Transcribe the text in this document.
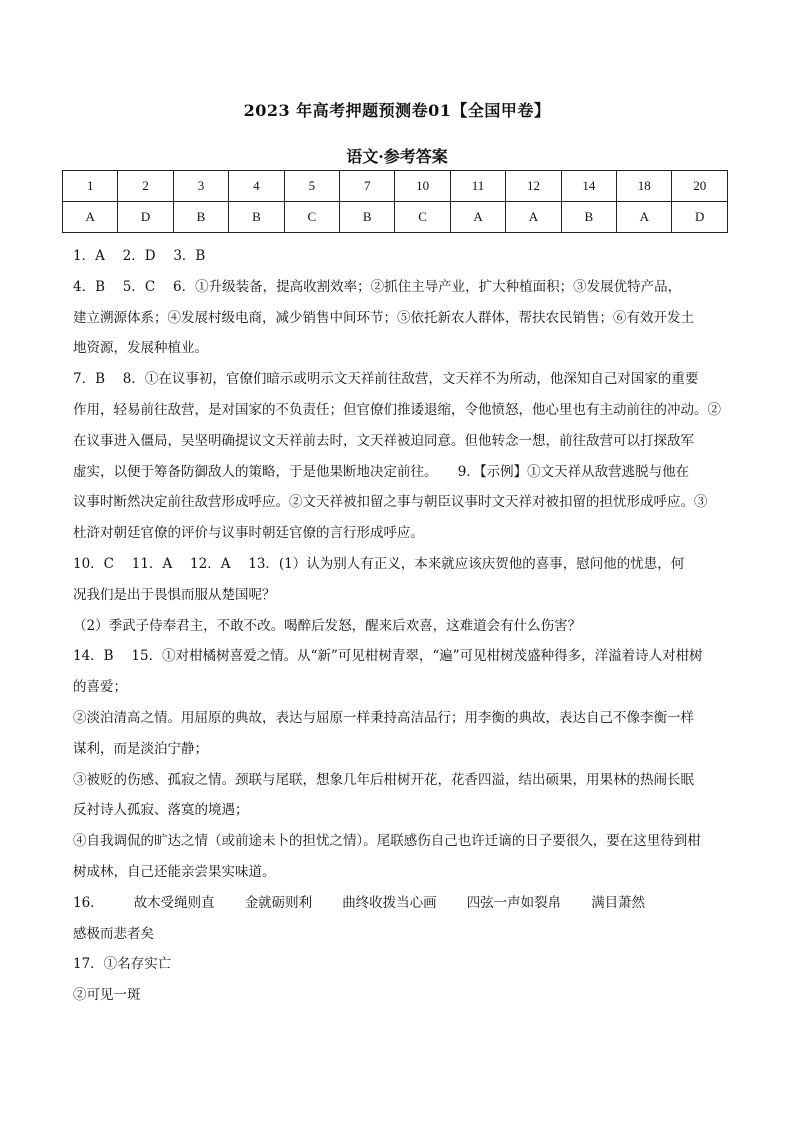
2023 年高考押题预测卷01【全国甲卷】
语文·参考答案
1	2	3	4	5	7	10	11	12	14	18	20
A	D	B	B	C	B	C	A	A	B	A	D

1．A　 2．D　 3．B

4．B　 5．C　 6．①升级装备，提高收割效率；②抓住主导产业，扩大种植面积；③发展优特产品，

建立溯源体系；④发展村级电商，减少销售中间环节；⑤依托新农人群体，帮扶农民销售；⑥有效开发土

地资源，发展种植业。

7．B　 8．①在议事初，官僚们暗示或明示文天祥前往敌营，文天祥不为所动，他深知自己对国家的重要

作用，轻易前往敌营，是对国家的不负责任；但官僚们推诿退缩，令他愤怒，他心里也有主动前往的冲动。②

在议事进入僵局，吴坚明确提议文天祥前去时，文天祥被迫同意。但他转念一想，前往敌营可以打探敌军

虚实，以便于筹备防御敌人的策略，于是他果断地决定前往。　　9．【示例】①文天祥从敌营逃脱与他在

议事时断然决定前往敌营形成呼应。②文天祥被扣留之事与朝臣议事时文天祥对被扣留的担忧形成呼应。③

杜浒对朝廷官僚的评价与议事时朝廷官僚的言行形成呼应。

10．C　 11．A　 12．A　 13．(1）认为别人有正义，本来就应该庆贺他的喜事，慰问他的忧患，何

况我们是出于畏惧而服从楚国呢？

（2）季武子侍奉君主，不敢不改。喝醉后发怒，醒来后欢喜，这难道会有什么伤害？

14．B　 15．①对柑橘树喜爱之情。从“新”可见柑树青翠，“遍”可见柑树茂盛种得多，洋溢着诗人对柑树

的喜爱；

②淡泊清高之情。用屈原的典故，表达与屈原一样秉持高洁品行；用李衡的典故，表达自己不像李衡一样

谋利，而是淡泊宁静；

③被贬的伤感、孤寂之情。颈联与尾联，想象几年后柑树开花，花香四溢，结出硕果，用果林的热闹长眠

反衬诗人孤寂、落寞的境遇；

④自我调侃的旷达之情（或前途未卜的担忧之情）。尾联感伤自己也许迁谪的日子要很久，要在这里待到柑

树成林，自己还能亲尝果实味道。

16． 故木受绳则直 金就砺则利 曲终收拨当心画 四弦一声如裂帛 满目萧然

感极而悲者矣

17．①名存实亡

②可见一斑
